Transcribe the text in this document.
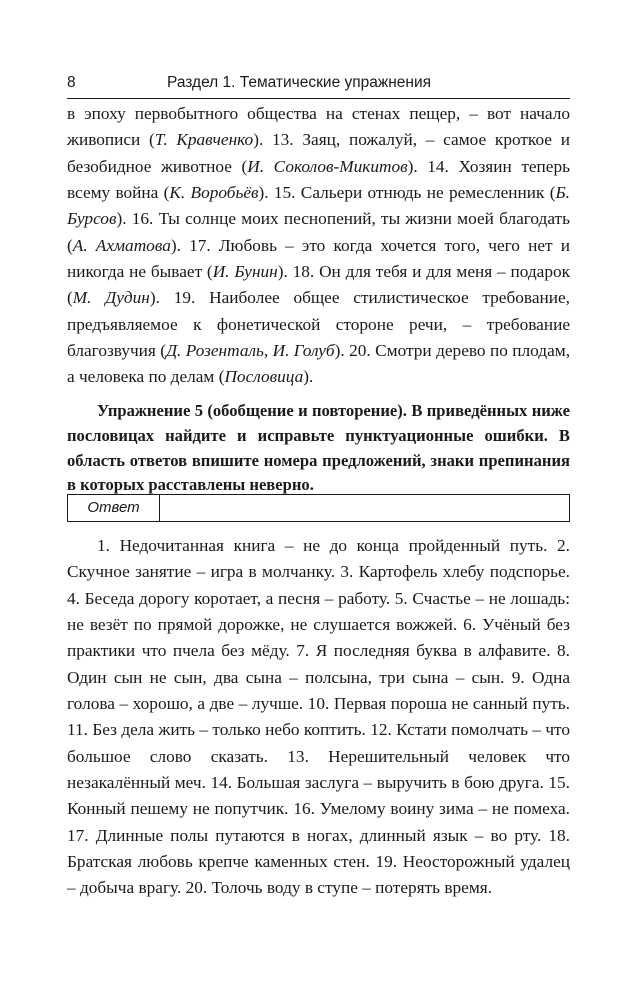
8	Раздел 1. Тематические упражнения
в эпоху первобытного общества на стенах пещер, – вот начало живописи (Т. Кравченко). 13. Заяц, пожалуй, – самое кроткое и безобидное животное (И. Соколов-Микитов). 14. Хозяин теперь всему война (К. Воробьёв). 15. Сальери отнюдь не ремесленник (Б. Бурсов). 16. Ты солнце моих песнопений, ты жизни моей благодать (А. Ахматова). 17. Любовь – это когда хочется того, чего нет и никогда не бывает (И. Бунин). 18. Он для тебя и для меня – подарок (М. Дудин). 19. Наиболее общее стилистическое требование, предъявляемое к фонетической стороне речи, – требование благозвучия (Д. Розенталь, И. Голуб). 20. Смотри дерево по плодам, а человека по делам (Пословица).
Упражнение 5 (обобщение и повторение). В приведённых ниже пословицах найдите и исправьте пунктуационные ошибки. В область ответов впишите номера предложений, знаки препинания в которых расставлены неверно.
Ответ
1. Недочитанная книга – не до конца пройденный путь. 2. Скучное занятие – игра в молчанку. 3. Картофель хлебу подспорье. 4. Беседа дорогу коротает, а песня – работу. 5. Счастье – не лошадь: не везёт по прямой дорожке, не слушается вожжей. 6. Учёный без практики что пчела без мёду. 7. Я последняя буква в алфавите. 8. Один сын не сын, два сына – полсына, три сына – сын. 9. Одна голова – хорошо, а две – лучше. 10. Первая пороша не санный путь. 11. Без дела жить – только небо коптить. 12. Кстати помолчать – что большое слово сказать. 13. Нерешительный человек что незакалённый меч. 14. Большая заслуга – выручить в бою друга. 15. Конный пешему не попутчик. 16. Умелому воину зима – не помеха. 17. Длинные полы путаются в ногах, длинный язык – во рту. 18. Братская любовь крепче каменных стен. 19. Неосторожный удалец – добыча врагу. 20. Толочь воду в ступе – потерять время.
